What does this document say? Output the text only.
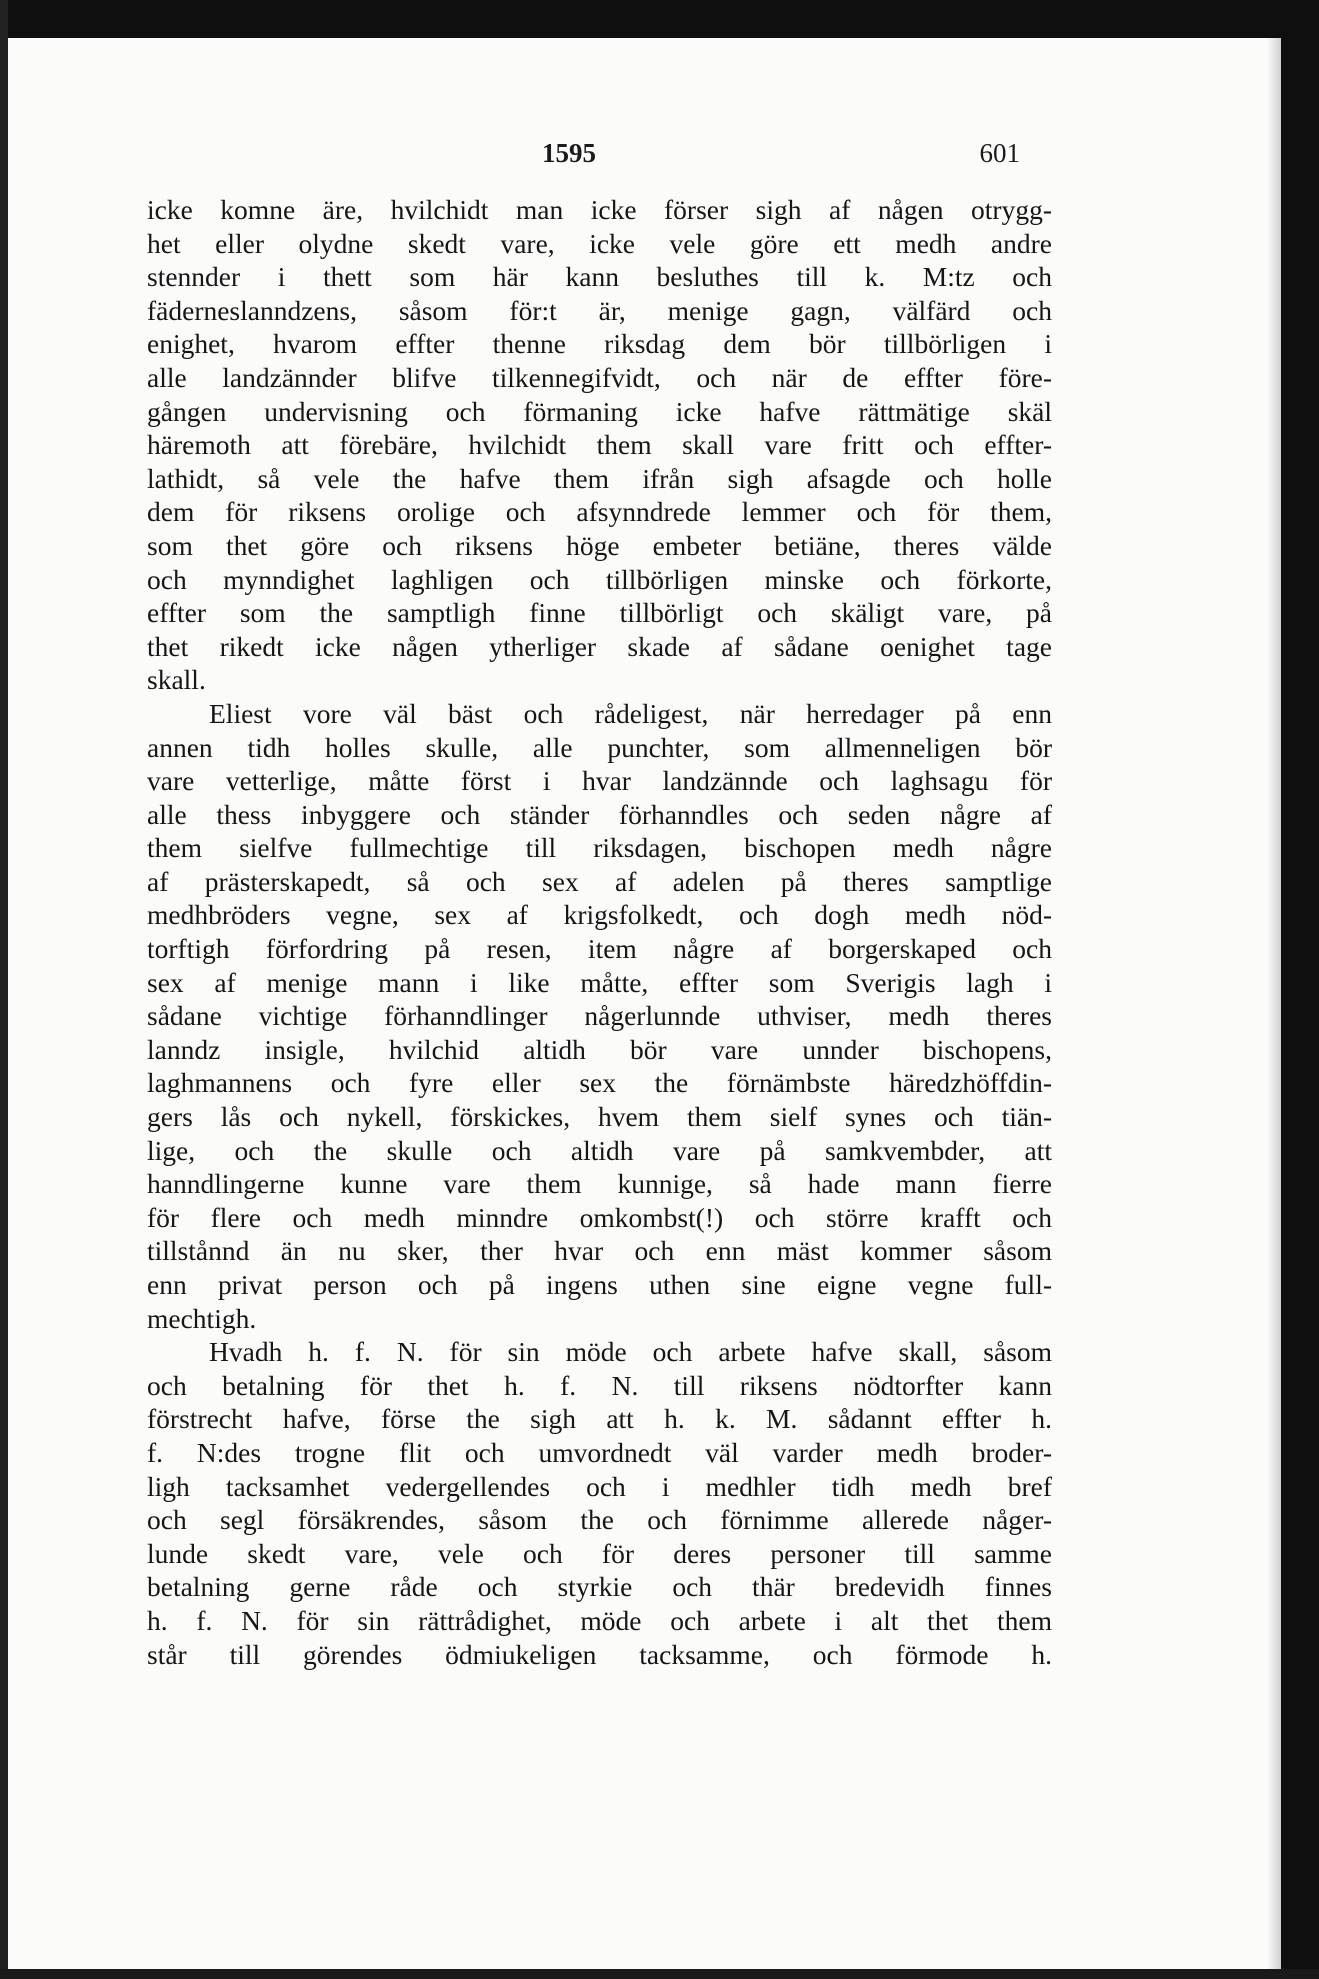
1595	601
icke komne äre, hvilchidt man icke förser sigh af någen otrygg-
het eller olydne skedt vare, icke vele göre ett medh andre
stennder i thett som här kann besluthes till k. M:tz och
fäderneslanndzens, såsom för:t är, menige gagn, välfärd och
enighet, hvarom effter thenne riksdag dem bör tillbörligen i
alle landzännder blifve tilkennegifvidt, och när de effter före-
gången undervisning och förmaning icke hafve rättmätige skäl
häremoth att förebäre, hvilchidt them skall vare fritt och effter-
lathidt, så vele the hafve them ifrån sigh afsagde och holle
dem för riksens orolige och afsynndrede lemmer och för them,
som thet göre och riksens höge embeter betiäne, theres välde
och mynndighet laghligen och tillbörligen minske och förkorte,
effter som the samptligh finne tillbörligt och skäligt vare, på
thet rikedt icke någen ytherliger skade af sådane oenighet tage
skall.
Eliest vore väl bäst och rådeligest, när herredager på enn
annen tidh holles skulle, alle punchter, som allmenneligen bör
vare vetterlige, måtte först i hvar landzännde och laghsagu för
alle thess inbyggere och ständer förhanndles och seden någre af
them sielfve fullmechtige till riksdagen, bischopen medh någre
af prästerskapedt, så och sex af adelen på theres samptlige
medhbröders vegne, sex af krigsfolkedt, och dogh medh nöd-
torftigh förfordring på resen, item någre af borgerskaped och
sex af menige mann i like måtte, effter som Sverigis lagh i
sådane vichtige förhanndlinger någerlunnde uthviser, medh theres
lanndz insigle, hvilchid altidh bör vare unnder bischopens,
laghmannens och fyre eller sex the förnämbste häredzhöffdin-
gers lås och nykell, förskickes, hvem them sielf synes och tiän-
lige, och the skulle och altidh vare på samkvembder, att
hanndlingerne kunne vare them kunnige, så hade mann fierre
för flere och medh minndre omkombst(!) och större krafft och
tillstånnd än nu sker, ther hvar och enn mäst kommer såsom
enn privat person och på ingens uthen sine eigne vegne full-
mechtigh.
Hvadh h. f. N. för sin möde och arbete hafve skall, såsom
och betalning för thet h. f. N. till riksens nödtorfter kann
förstrecht hafve, förse the sigh att h. k. M. sådannt effter h.
f. N:des trogne flit och umvordnedt väl varder medh broder-
ligh tacksamhet vedergellendes och i medhler tidh medh bref
och segl försäkrendes, såsom the och förnimme allerede någer-
lunde skedt vare, vele och för deres personer till samme
betalning gerne råde och styrkie och thär bredevidh finnes
h. f. N. för sin rättrådighet, möde och arbete i alt thet them
står till görendes ödmiukeligen tacksamme, och förmode h.
